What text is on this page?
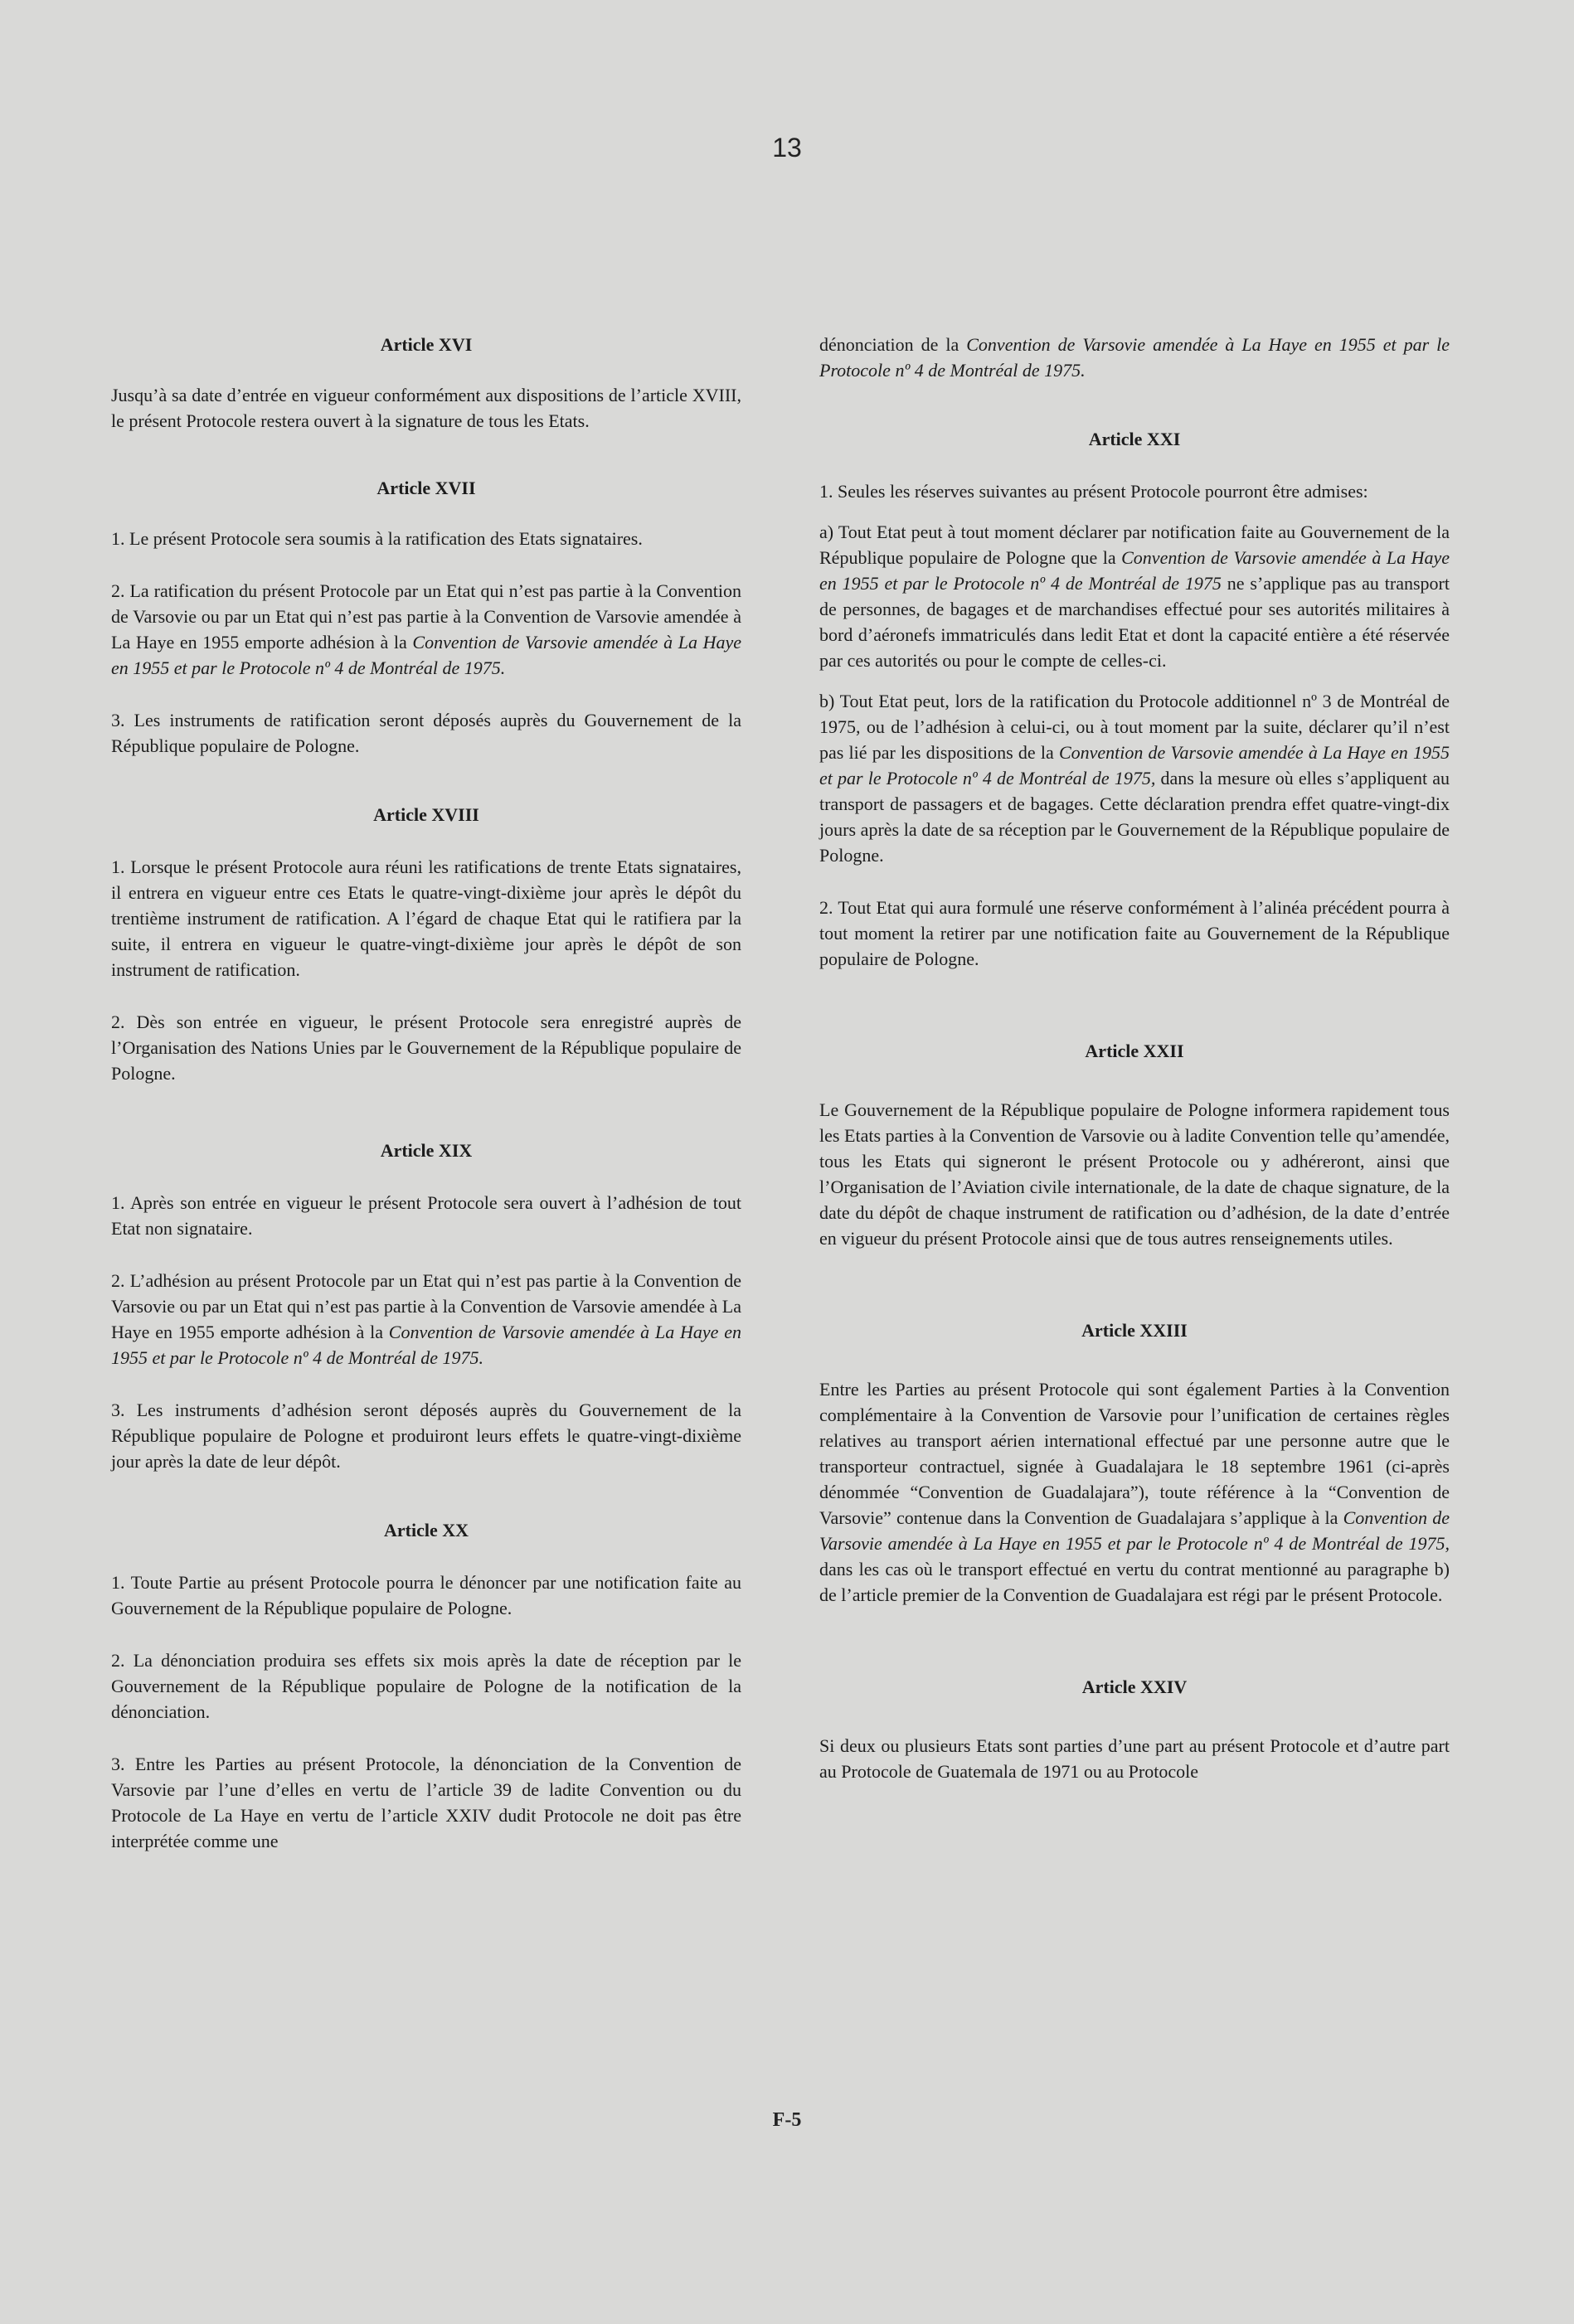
13

Article XVI

Jusqu’à sa date d’entrée en vigueur conformément aux dispositions de l’article XVIII, le présent Protocole restera ouvert à la signature de tous les Etats.

Article XVII

1. Le présent Protocole sera soumis à la ratification des Etats signataires.

2. La ratification du présent Protocole par un Etat qui n’est pas partie à la Convention de Varsovie ou par un Etat qui n’est pas partie à la Convention de Varsovie amendée à La Haye en 1955 emporte adhésion à la Convention de Varsovie amendée à La Haye en 1955 et par le Protocole nº 4 de Montréal de 1975.

3. Les instruments de ratification seront déposés auprès du Gouvernement de la République populaire de Pologne.

Article XVIII

1. Lorsque le présent Protocole aura réuni les ratifications de trente Etats signataires, il entrera en vigueur entre ces Etats le quatre-vingt-dixième jour après le dépôt du trentième instrument de ratification. A l’égard de chaque Etat qui le ratifiera par la suite, il entrera en vigueur le quatre-vingt-dixième jour après le dépôt de son instrument de ratification.

2. Dès son entrée en vigueur, le présent Protocole sera enregistré auprès de l’Organisation des Nations Unies par le Gouvernement de la République populaire de Pologne.

Article XIX

1. Après son entrée en vigueur le présent Protocole sera ouvert à l’adhésion de tout Etat non signataire.

2. L’adhésion au présent Protocole par un Etat qui n’est pas partie à la Convention de Varsovie ou par un Etat qui n’est pas partie à la Convention de Varsovie amendée à La Haye en 1955 emporte adhésion à la Convention de Varsovie amendée à La Haye en 1955 et par le Protocole nº 4 de Montréal de 1975.

3. Les instruments d’adhésion seront déposés auprès du Gouvernement de la République populaire de Pologne et produiront leurs effets le quatre-vingt-dixième jour après la date de leur dépôt.

Article XX

1. Toute Partie au présent Protocole pourra le dénoncer par une notification faite au Gouvernement de la République populaire de Pologne.

2. La dénonciation produira ses effets six mois après la date de réception par le Gouvernement de la République populaire de Pologne de la notification de la dénonciation.

3. Entre les Parties au présent Protocole, la dénonciation de la Convention de Varsovie par l’une d’elles en vertu de l’article 39 de ladite Convention ou du Protocole de La Haye en vertu de l’article XXIV dudit Protocole ne doit pas être interprétée comme une

dénonciation de la Convention de Varsovie amendée à La Haye en 1955 et par le Protocole nº 4 de Montréal de 1975.

Article XXI

1. Seules les réserves suivantes au présent Protocole pourront être admises:

a) Tout Etat peut à tout moment déclarer par notification faite au Gouvernement de la République populaire de Pologne que la Convention de Varsovie amendée à La Haye en 1955 et par le Protocole nº 4 de Montréal de 1975 ne s’applique pas au transport de personnes, de bagages et de marchandises effectué pour ses autorités militaires à bord d’aéronefs immatriculés dans ledit Etat et dont la capacité entière a été réservée par ces autorités ou pour le compte de celles-ci.

b) Tout Etat peut, lors de la ratification du Protocole additionnel nº 3 de Montréal de 1975, ou de l’adhésion à celui-ci, ou à tout moment par la suite, déclarer qu’il n’est pas lié par les dispositions de la Convention de Varsovie amendée à La Haye en 1955 et par le Protocole nº 4 de Montréal de 1975, dans la mesure où elles s’appliquent au transport de passagers et de bagages. Cette déclaration prendra effet quatre-vingt-dix jours après la date de sa réception par le Gouvernement de la République populaire de Pologne.

2. Tout Etat qui aura formulé une réserve conformément à l’alinéa précédent pourra à tout moment la retirer par une notification faite au Gouvernement de la République populaire de Pologne.

Article XXII

Le Gouvernement de la République populaire de Pologne informera rapidement tous les Etats parties à la Convention de Varsovie ou à ladite Convention telle qu’amendée, tous les Etats qui signeront le présent Protocole ou y adhéreront, ainsi que l’Organisation de l’Aviation civile internationale, de la date de chaque signature, de la date du dépôt de chaque instrument de ratification ou d’adhésion, de la date d’entrée en vigueur du présent Protocole ainsi que de tous autres renseignements utiles.

Article XXIII

Entre les Parties au présent Protocole qui sont également Parties à la Convention complémentaire à la Convention de Varsovie pour l’unification de certaines règles relatives au transport aérien international effectué par une personne autre que le transporteur contractuel, signée à Guadalajara le 18 septembre 1961 (ci-après dénommée “Convention de Guadalajara”), toute référence à la “Convention de Varsovie” contenue dans la Convention de Guadalajara s’applique à la Convention de Varsovie amendée à La Haye en 1955 et par le Protocole nº 4 de Montréal de 1975, dans les cas où le transport effectué en vertu du contrat mentionné au paragraphe b) de l’article premier de la Convention de Guadalajara est régi par le présent Protocole.

Article XXIV

Si deux ou plusieurs Etats sont parties d’une part au présent Protocole et d’autre part au Protocole de Guatemala de 1971 ou au Protocole

F-5
